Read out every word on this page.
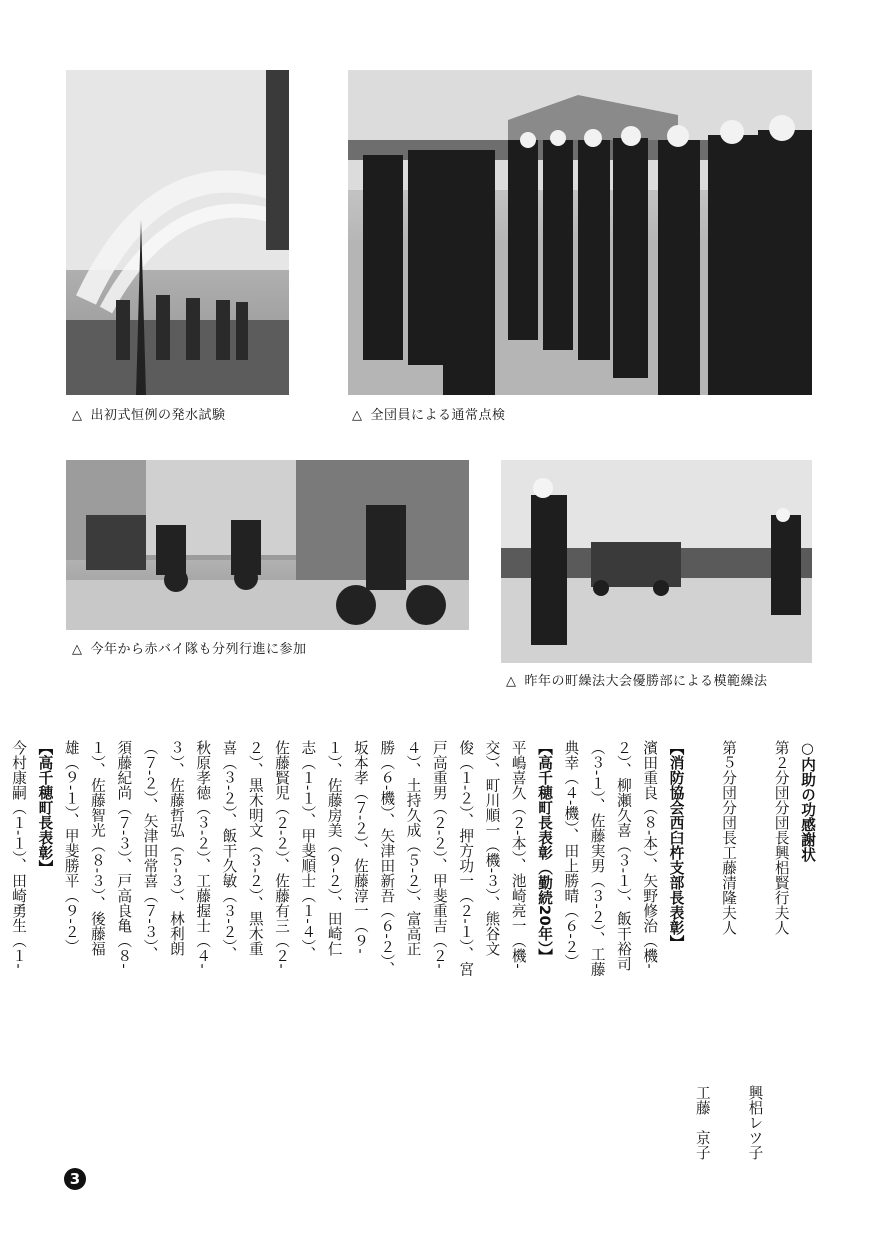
△ 出初式恒例の発水試験	△ 全団員による通常点検
△ 今年から赤バイ隊も分列行進に参加
△ 昨年の町繰法大会優勝部による模範繰法

○内助の功感謝状

第２分団分団長興梠賢行夫人

興梠レツ子

第５分団分団長工藤清隆夫人

工藤　京子

【消防協会西臼杵支部長表彰】

濱田重良（８-本）、矢野修治（機-

２）、柳瀬久喜（３-１）、飯干裕司

（３-１）、佐藤実男（３-２）、工藤

典幸（４-機）、田上勝晴（６-２）

【高千穂町長表彰（勤続20年）】

平嶋喜久（２-本）、池崎亮一（機-

交）、町川順一（機-３）、熊谷文

俊（１-２）、押方功一（２-１）、宮

戸高重男（２-２）、甲斐重吉（２-

４）、土持久成（５-２）、富高正

勝（６-機）、矢津田新吾（６-２）、

坂本孝（７-２）、佐藤淳一（９-

１）、佐藤房美（９-２）、田崎仁

志（１-１）、甲斐順士（１-４）、

佐藤賢児（２-２）、佐藤有三（２-

２）、黒木明文（３-２）、黒木重

喜（３-２）、飯干久敏（３-２）、

秋原孝徳（３-２）、工藤握士（４-

３）、佐藤哲弘（５-３）、林利朗

（７-２）、矢津田常喜（７-３）、

須藤紀尚（７-３）、戸高良亀（８-

１）、佐藤智光（８-３）、後藤福

雄（９-１）、甲斐勝平（９-２）

【高千穂町長表彰】

今村康嗣（１-１）、田崎勇生（１-

3
